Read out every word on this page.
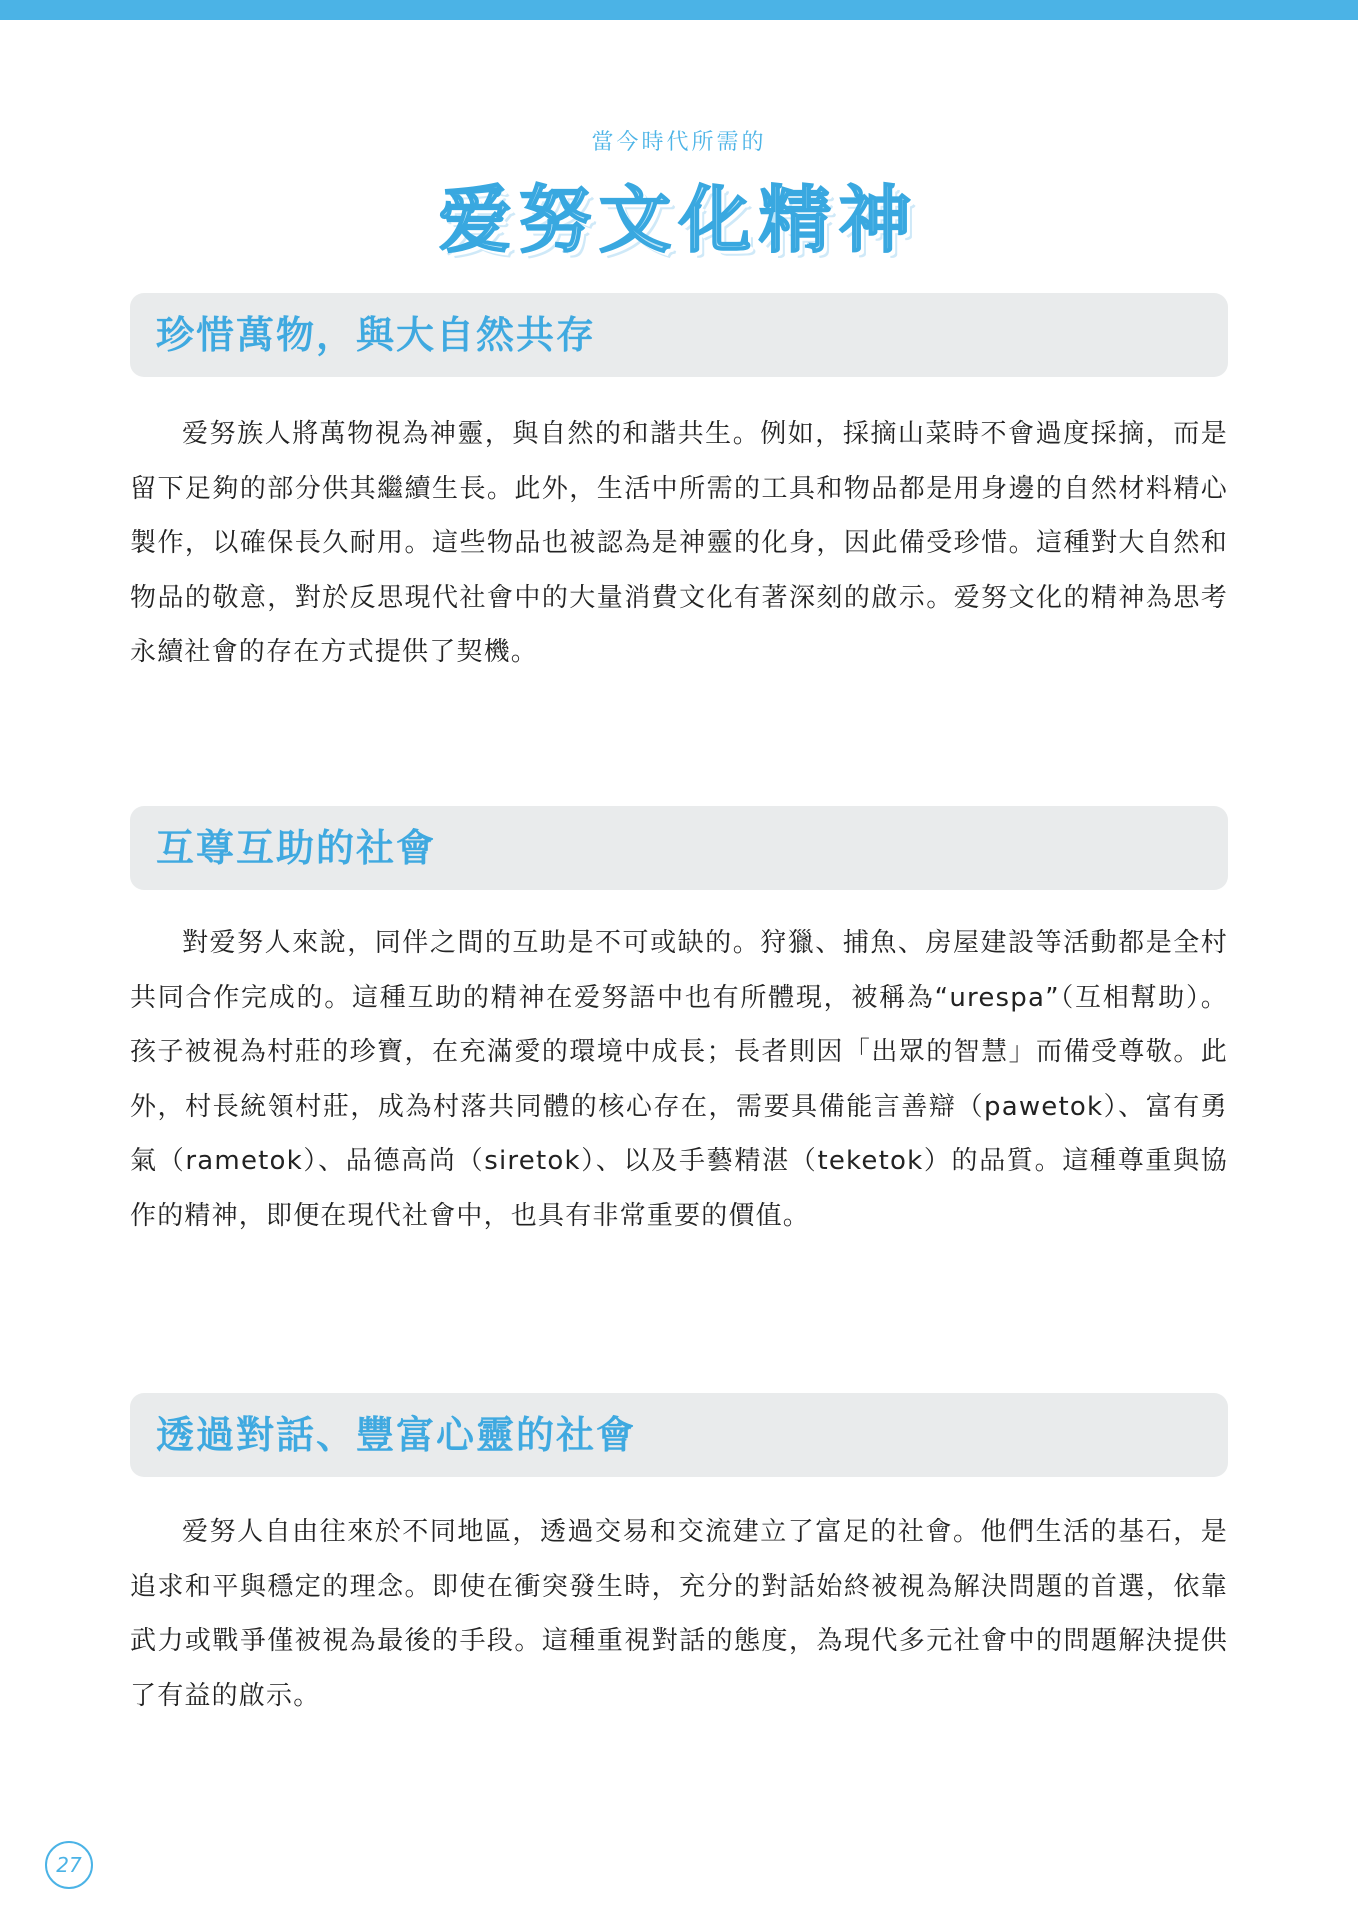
當今時代所需的
爱努文化精神
珍惜萬物，與大自然共存

爱努族人將萬物視為神靈，與自然的和諧共生。例如，採摘山菜時不會過度採摘，而是留下足夠的部分供其繼續生長。此外，生活中所需的工具和物品都是用身邊的自然材料精心製作，以確保長久耐用。這些物品也被認為是神靈的化身，因此備受珍惜。這種對大自然和物品的敬意，對於反思現代社會中的大量消費文化有著深刻的啟示。爱努文化的精神為思考永續社會的存在方式提供了契機。

互尊互助的社會

對爱努人來說，同伴之間的互助是不可或缺的。狩獵、捕魚、房屋建設等活動都是全村共同合作完成的。這種互助的精神在爱努語中也有所體現，被稱為“urespa”（互相幫助）。孩子被視為村莊的珍寶，在充滿愛的環境中成長；長者則因「出眾的智慧」而備受尊敬。此外，村長統領村莊，成為村落共同體的核心存在，需要具備能言善辯（pawetok）、富有勇氣（rametok）、品德高尚（siretok）、以及手藝精湛（teketok）的品質。這種尊重與協作的精神，即便在現代社會中，也具有非常重要的價值。

透過對話、豐富心靈的社會

爱努人自由往來於不同地區，透過交易和交流建立了富足的社會。他們生活的基石，是追求和平與穩定的理念。即使在衝突發生時，充分的對話始終被視為解決問題的首選，依靠武力或戰爭僅被視為最後的手段。這種重視對話的態度，為現代多元社會中的問題解決提供了有益的啟示。

27
